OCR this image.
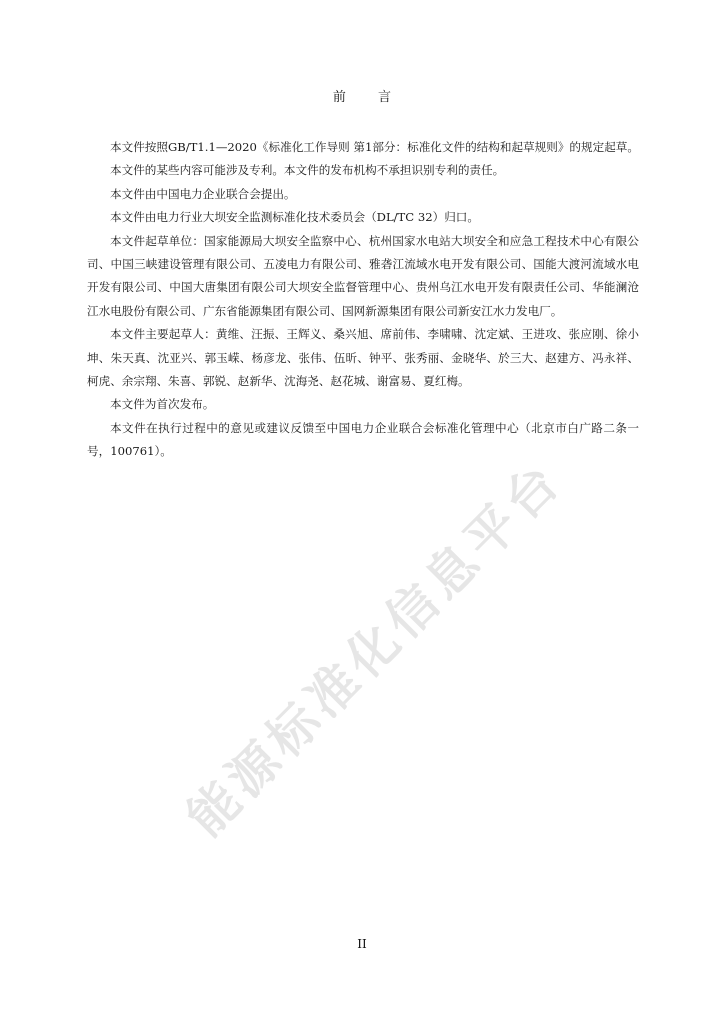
前 言

本文件按照GB/T1.1—2020《标准化工作导则 第1部分：标准化文件的结构和起草规则》的规定起草。

本文件的某些内容可能涉及专利。本文件的发布机构不承担识别专利的责任。

本文件由中国电力企业联合会提出。

本文件由电力行业大坝安全监测标准化技术委员会（DL/TC 32）归口。

本文件起草单位：国家能源局大坝安全监察中心、杭州国家水电站大坝安全和应急工程技术中心有限公司、中国三峡建设管理有限公司、五凌电力有限公司、雅砻江流域水电开发有限公司、国能大渡河流域水电开发有限公司、中国大唐集团有限公司大坝安全监督管理中心、贵州乌江水电开发有限责任公司、华能澜沧江水电股份有限公司、广东省能源集团有限公司、国网新源集团有限公司新安江水力发电厂。

本文件主要起草人：黄维、汪振、王辉义、桑兴旭、席前伟、李啸啸、沈定斌、王进攻、张应刚、徐小坤、朱天真、沈亚兴、郭玉嵘、杨彦龙、张伟、伍昕、钟平、张秀丽、金晓华、於三大、赵建方、冯永祥、柯虎、余宗翔、朱喜、郭锐、赵新华、沈海尧、赵花城、谢富易、夏红梅。

本文件为首次发布。

本文件在执行过程中的意见或建议反馈至中国电力企业联合会标准化管理中心（北京市白广路二条一号，100761）。 能源标准化信息平台
II
